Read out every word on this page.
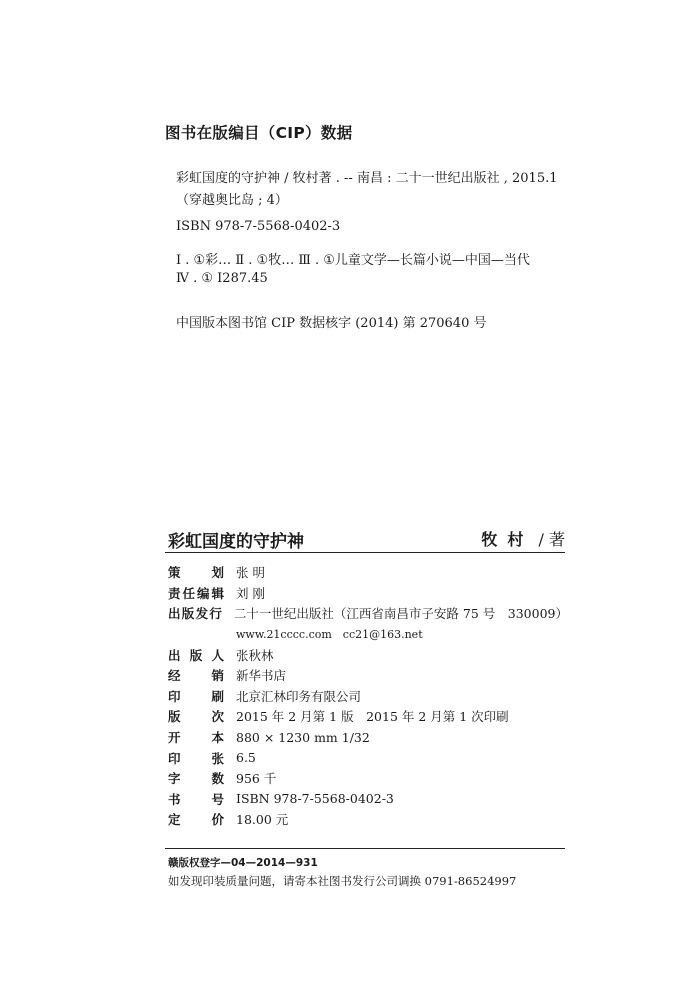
图书在版编目（CIP）数据
彩虹国度的守护神 / 牧村著 . -- 南昌 : 二十一世纪出版社 , 2015.1
（穿越奥比岛 ; 4）
ISBN 978-7-5568-0402-3
Ⅰ . ①彩… Ⅱ . ①牧… Ⅲ . ①儿童文学—长篇小说—中国—当代
Ⅳ . ① I287.45
中国版本图书馆 CIP 数据核字 (2014) 第 270640 号
彩虹国度的守护神	牧村 / 著
策 划 张 明
责 任 编 辑 刘 刚
出 版 发 行 二十一世纪出版社（江西省南昌市子安路 75 号　330009）
www.21cccc.com　cc21@163.net
出 版 人 张秋林
经 销 新华书店
印 刷 北京汇林印务有限公司
版 次 2015 年 2 月第 1 版　2015 年 2 月第 1 次印刷
开 本 880 × 1230 mm 1/32
印 张 6.5
字 数 956 千
书 号 ISBN 978-7-5568-0402-3
定 价 18.00 元
赣版权登字—04—2014—931
如发现印装质量问题，请寄本社图书发行公司调换 0791-86524997
